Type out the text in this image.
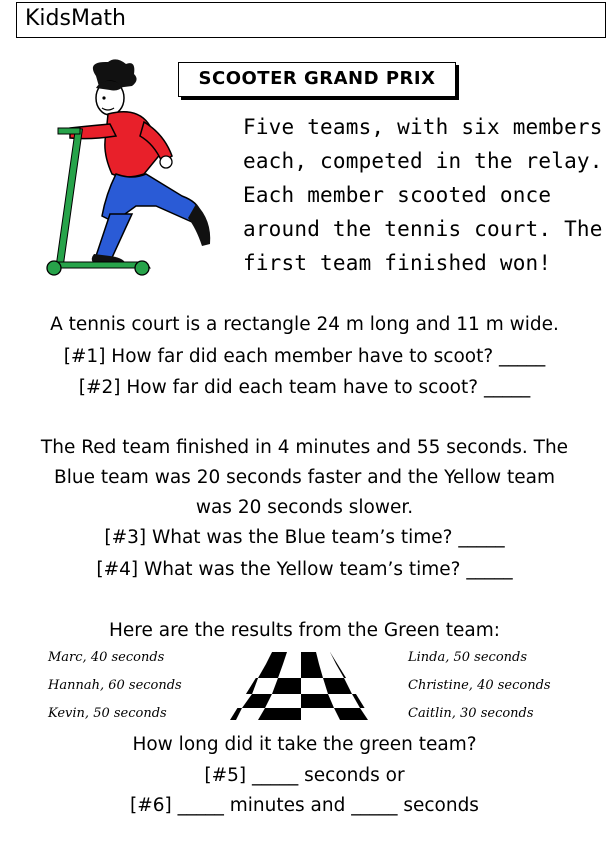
KidsMath
SCOOTER GRAND PRIX
Five teams, with six members
each, competed in the relay.
Each member scooted once
around the tennis court. The
first team finished won!
A tennis court is a rectangle 24 m long and 11 m wide.
[#1] How far did each member have to scoot? _____
[#2] How far did each team have to scoot? _____
The Red team finished in 4 minutes and 55 seconds. The
Blue team was 20 seconds faster and the Yellow team
was 20 seconds slower.
[#3] What was the Blue team’s time? _____
[#4] What was the Yellow team’s time? _____
Here are the results from the Green team:
Marc, 40 seconds
Hannah, 60 seconds
Kevin, 50 seconds
Linda, 50 seconds
Christine, 40 seconds
Caitlin, 30 seconds
How long did it take the green team?
[#5] _____ seconds or
[#6] _____ minutes and _____ seconds
